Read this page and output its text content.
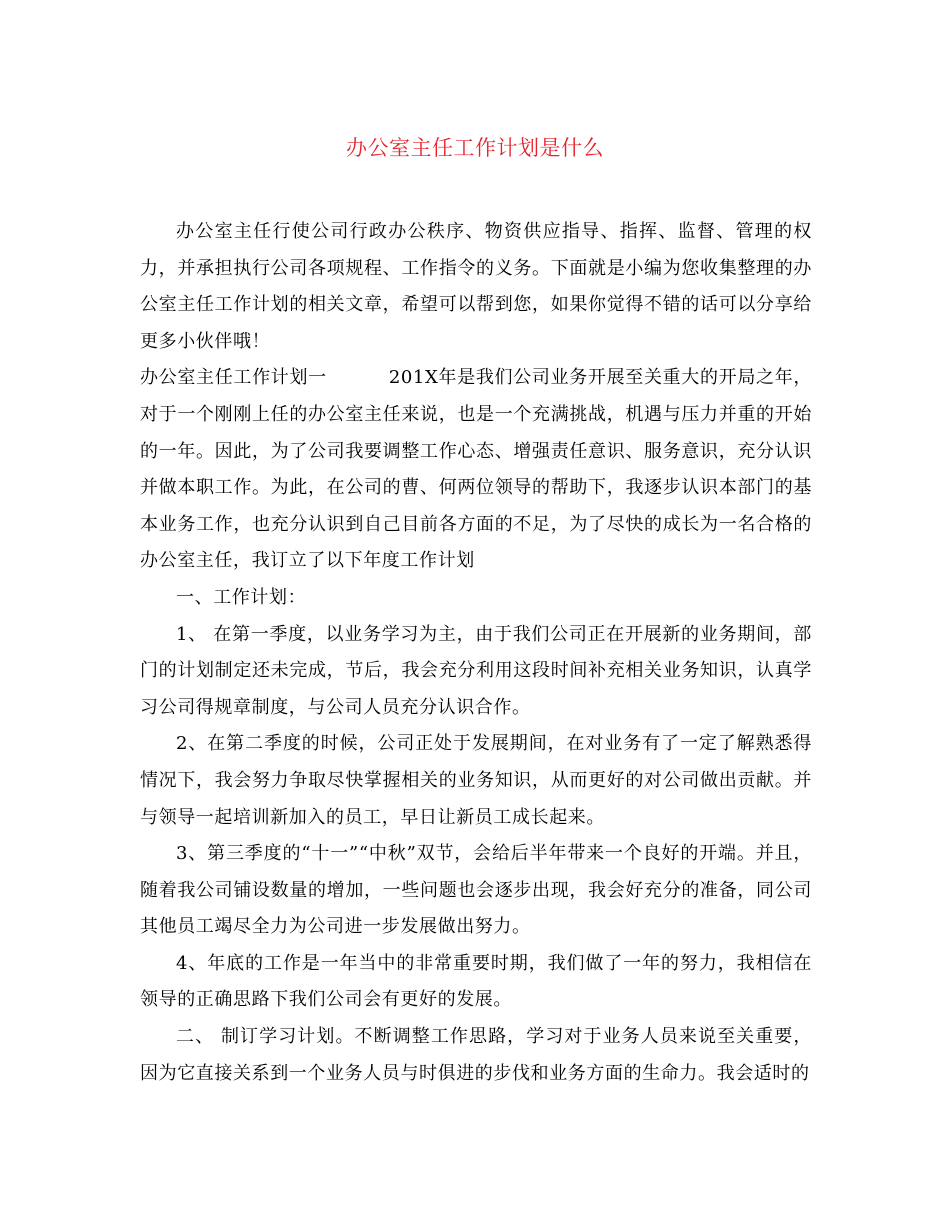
办公室主任工作计划是什么

办公室主任行使公司行政办公秩序、物资供应指导、指挥、监督、管理的权力，并承担执行公司各项规程、工作指令的义务。下面就是小编为您收集整理的办公室主任工作计划的相关文章，希望可以帮到您，如果你觉得不错的话可以分享给更多小伙伴哦！

办公室主任工作计划一	201X年是我们公司业务开展至关重大的开局之年，对于一个刚刚上任的办公室主任来说，也是一个充满挑战，机遇与压力并重的开始的一年。因此，为了公司我要调整工作心态、增强责任意识、服务意识，充分认识并做本职工作。为此，在公司的曹、何两位领导的帮助下，我逐步认识本部门的基本业务工作，也充分认识到自己目前各方面的不足，为了尽快的成长为一名合格的办公室主任，我订立了以下年度工作计划

一、工作计划：

1、 在第一季度，以业务学习为主，由于我们公司正在开展新的业务期间，部门的计划制定还未完成，节后，我会充分利用这段时间补充相关业务知识，认真学习公司得规章制度，与公司人员充分认识合作。

2、在第二季度的时候，公司正处于发展期间，在对业务有了一定了解熟悉得情况下，我会努力争取尽快掌握相关的业务知识，从而更好的对公司做出贡献。并与领导一起培训新加入的员工，早日让新员工成长起来。

3、第三季度的“十一”“中秋”双节，会给后半年带来一个良好的开端。并且，随着我公司铺设数量的增加，一些问题也会逐步出现，我会好充分的准备，同公司其他员工竭尽全力为公司进一步发展做出努力。

4、年底的工作是一年当中的非常重要时期，我们做了一年的努力，我相信在领导的正确思路下我们公司会有更好的发展。

二、 制订学习计划。不断调整工作思路，学习对于业务人员来说至关重要，因为它直接关系到一个业务人员与时俱进的步伐和业务方面的生命力。我会适时的
